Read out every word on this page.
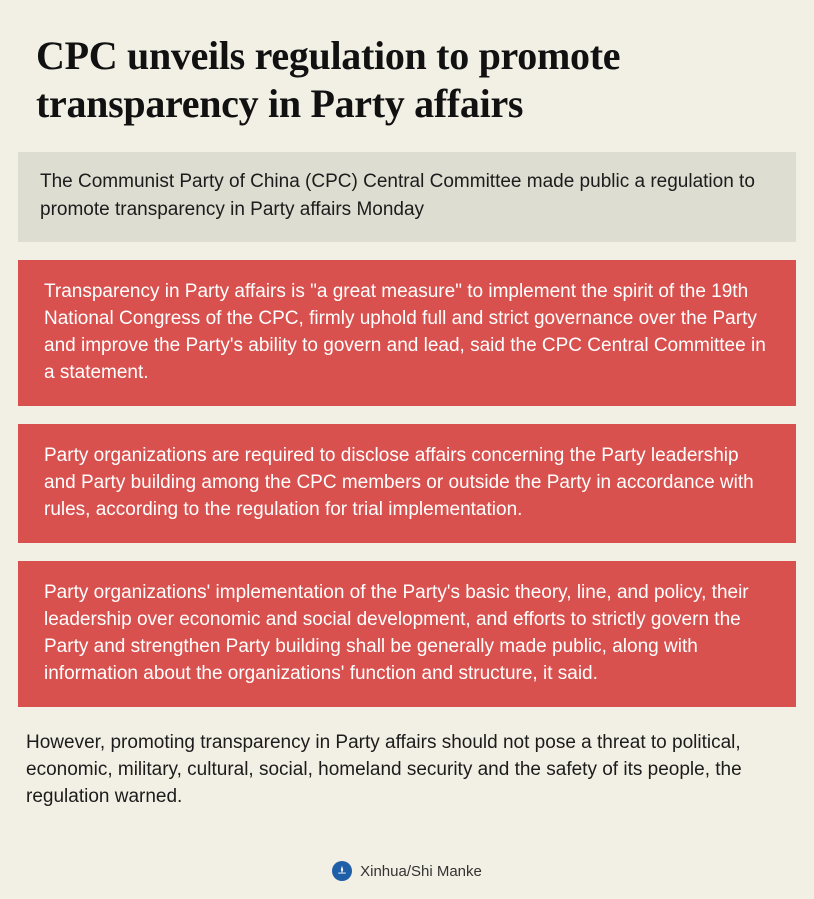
CPC unveils regulation to promote transparency in Party affairs
The Communist Party of China (CPC) Central Committee made public a regulation to promote transparency in Party affairs Monday
Transparency in Party affairs is "a great measure" to implement the spirit of the 19th National Congress of the CPC, firmly uphold full and strict governance over the Party and improve the Party's ability to govern and lead, said the CPC Central Committee in a statement.
Party organizations are required to disclose affairs concerning the Party leadership and Party building among the CPC members or outside the Party in accordance with rules, according to the regulation for trial implementation.
Party organizations' implementation of the Party's basic theory, line, and policy, their leadership over economic and social development, and efforts to strictly govern the Party and strengthen Party building shall be generally made public, along with information about the organizations' function and structure, it said.
However, promoting transparency in Party affairs should not pose a threat to political, economic, military, cultural, social, homeland security and the safety of its people, the regulation warned.
Xinhua/Shi Manke
